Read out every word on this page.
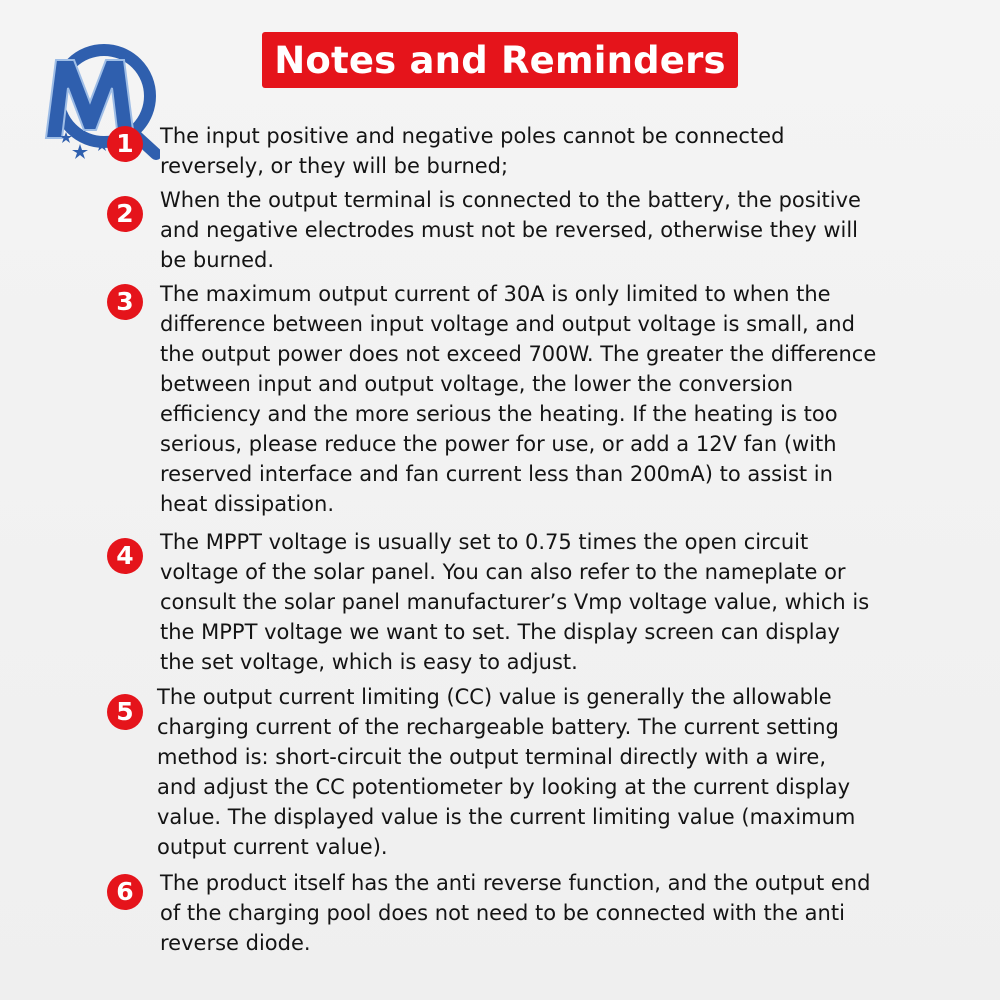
Notes and Reminders
1	The input positive and negative poles cannot be connected
reversely, or they will be burned;
2	When the output terminal is connected to the battery, the positive
and negative electrodes must not be reversed, otherwise they will
be burned.
3	The maximum output current of 30A is only limited to when the
difference between input voltage and output voltage is small, and
the output power does not exceed 700W. The greater the difference
between input and output voltage, the lower the conversion
efficiency and the more serious the heating. If the heating is too
serious, please reduce the power for use, or add a 12V fan (with
reserved interface and fan current less than 200mA) to assist in
heat dissipation.
4	The MPPT voltage is usually set to 0.75 times the open circuit
voltage of the solar panel. You can also refer to the nameplate or
consult the solar panel manufacturer’s Vmp voltage value, which is
the MPPT voltage we want to set. The display screen can display
the set voltage, which is easy to adjust.
5	The output current limiting (CC) value is generally the allowable
charging current of the rechargeable battery. The current setting
method is: short-circuit the output terminal directly with a wire,
and adjust the CC potentiometer by looking at the current display
value. The displayed value is the current limiting value (maximum
output current value).
6	The product itself has the anti reverse function, and the output end
of the charging pool does not need to be connected with the anti
reverse diode.
